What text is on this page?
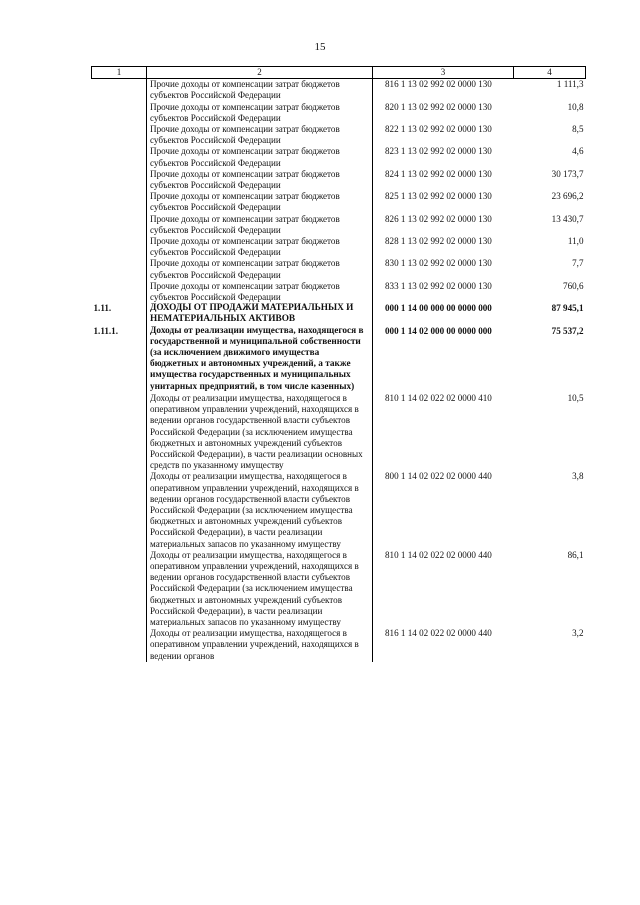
15
1	2	3	4
	Прочие доходы от компенсации затрат бюджетов субъектов Российской Федерации	816 1 13 02 992 02 0000 130	1 111,3
	Прочие доходы от компенсации затрат бюджетов субъектов Российской Федерации	820 1 13 02 992 02 0000 130	10,8
	Прочие доходы от компенсации затрат бюджетов субъектов Российской Федерации	822 1 13 02 992 02 0000 130	8,5
	Прочие доходы от компенсации затрат бюджетов субъектов Российской Федерации	823 1 13 02 992 02 0000 130	4,6
	Прочие доходы от компенсации затрат бюджетов субъектов Российской Федерации	824 1 13 02 992 02 0000 130	30 173,7
	Прочие доходы от компенсации затрат бюджетов субъектов Российской Федерации	825 1 13 02 992 02 0000 130	23 696,2
	Прочие доходы от компенсации затрат бюджетов субъектов Российской Федерации	826 1 13 02 992 02 0000 130	13 430,7
	Прочие доходы от компенсации затрат бюджетов субъектов Российской Федерации	828 1 13 02 992 02 0000 130	11,0
	Прочие доходы от компенсации затрат бюджетов субъектов Российской Федерации	830 1 13 02 992 02 0000 130	7,7
	Прочие доходы от компенсации затрат бюджетов субъектов Российской Федерации	833 1 13 02 992 02 0000 130	760,6
1.11.	ДОХОДЫ ОТ ПРОДАЖИ МАТЕРИАЛЬНЫХ И НЕМАТЕРИАЛЬНЫХ АКТИВОВ	000 1 14 00 000 00 0000 000	87 945,1
1.11.1.	Доходы от реализации имущества, находящегося в государственной и муниципальной собственности (за исключением движимого имущества бюджетных и автономных учреждений, а также имущества государственных и муниципальных унитарных предприятий, в том числе казенных)	000 1 14 02 000 00 0000 000	75 537,2
	Доходы от реализации имущества, находящегося в оперативном управлении учреждений, находящихся в ведении органов государственной власти субъектов Российской Федерации (за исключением имущества бюджетных и автономных учреждений субъектов Российской Федерации), в части реализации основных средств по указанному имуществу	810 1 14 02 022 02 0000 410	10,5
	Доходы от реализации имущества, находящегося в оперативном управлении учреждений, находящихся в ведении органов государственной власти субъектов Российской Федерации (за исключением имущества бюджетных и автономных учреждений субъектов Российской Федерации), в части реализации материальных запасов по указанному имуществу	800 1 14 02 022 02 0000 440	3,8
	Доходы от реализации имущества, находящегося в оперативном управлении учреждений, находящихся в ведении органов государственной власти субъектов Российской Федерации (за исключением имущества бюджетных и автономных учреждений субъектов Российской Федерации), в части реализации материальных запасов по указанному имуществу	810 1 14 02 022 02 0000 440	86,1
	Доходы от реализации имущества, находящегося в оперативном управлении учреждений, находящихся в ведении органов	816 1 14 02 022 02 0000 440	3,2
